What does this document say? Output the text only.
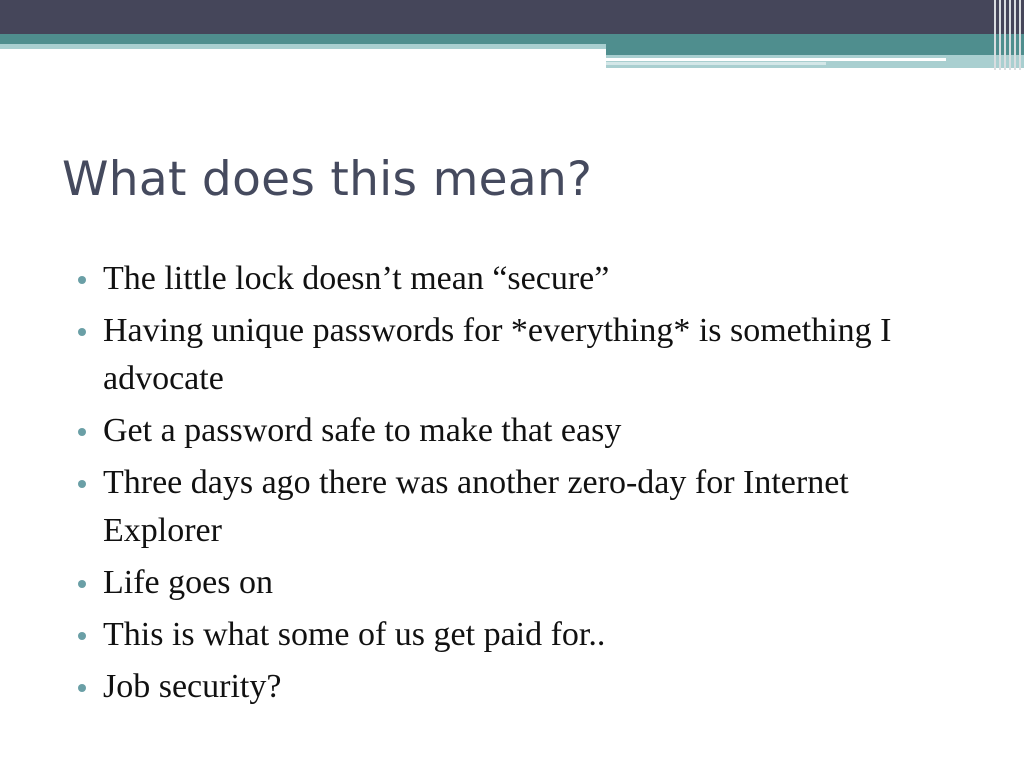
What does this mean?
The little lock doesn’t mean “secure”
Having unique passwords for *everything* is something I advocate
Get a password safe to make that easy
Three days ago there was another zero-day for Internet Explorer
Life goes on
This is what some of us get paid for..
Job security?
